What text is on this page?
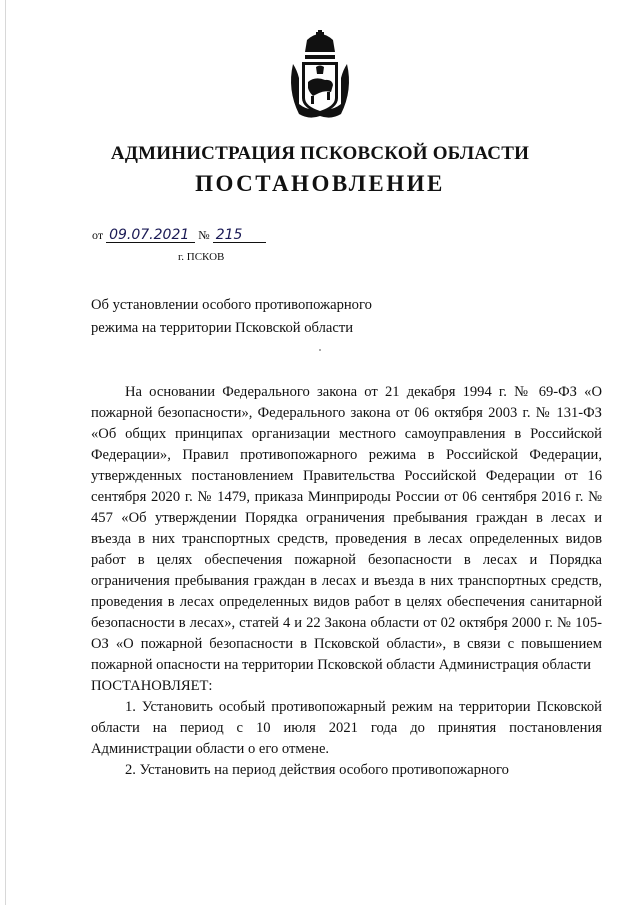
АДМИНИСТРАЦИЯ ПСКОВСКОЙ ОБЛАСТИ
ПОСТАНОВЛЕНИЕ
от 09.07.2021 № 215
г. ПСКОВ
Об установлении особого противопожарного
режима на территории Псковской области

На основании Федерального закона от 21 декабря 1994 г. № 69-ФЗ «О пожарной безопасности», Федерального закона от 06 октября 2003 г. № 131-ФЗ «Об общих принципах организации местного самоуправления в Российской Федерации», Правил противопожарного режима в Российской Федерации, утвержденных постановлением Правительства Российской Федерации от 16 сентября 2020 г. № 1479, приказа Минприроды России от 06 сентября 2016 г. № 457 «Об утверждении Порядка ограничения пребывания граждан в лесах и въезда в них транспортных средств, проведения в лесах определенных видов работ в целях обеспечения пожарной безопасности в лесах и Порядка ограничения пребывания граждан в лесах и въезда в них транспортных средств, проведения в лесах определенных видов работ в целях обеспечения санитарной безопасности в лесах», статей 4 и 22 Закона области от 02 октября 2000 г. № 105-ОЗ «О пожарной безопасности в Псковской области», в связи с повышением пожарной опасности на территории Псковской области Администрация области

ПОСТАНОВЛЯЕТ:

1. Установить особый противопожарный режим на территории Псковской области на период с 10 июля 2021 года до принятия постановления Администрации области о его отмене.

2. Установить на период действия особого противопожарного
